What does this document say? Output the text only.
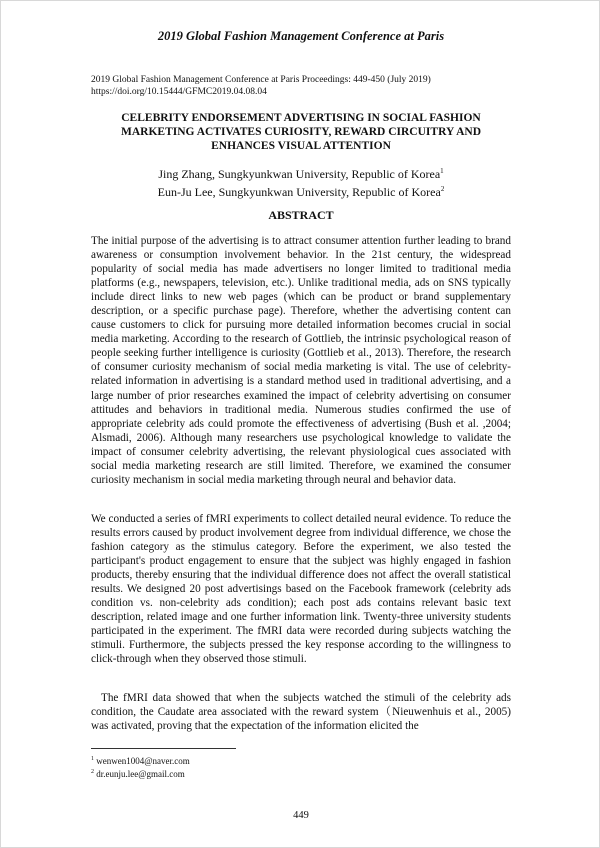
2019 Global Fashion Management Conference at Paris
2019 Global Fashion Management Conference at Paris Proceedings: 449-450 (July 2019)
https://doi.org/10.15444/GFMC2019.04.08.04
CELEBRITY ENDORSEMENT ADVERTISING IN SOCIAL FASHION MARKETING ACTIVATES CURIOSITY, REWARD CIRCUITRY AND ENHANCES VISUAL ATTENTION
Jing Zhang, Sungkyunkwan University, Republic of Korea$^1$
Eun-Ju Lee, Sungkyunkwan University, Republic of Korea$^2$
ABSTRACT

The initial purpose of the advertising is to attract consumer attention further leading to brand awareness or consumption involvement behavior. In the 21st century, the widespread popularity of social media has made advertisers no longer limited to traditional media platforms (e.g., newspapers, television, etc.). Unlike traditional media, ads on SNS typically include direct links to new web pages (which can be product or brand supplementary description, or a specific purchase page). Therefore, whether the advertising content can cause customers to click for pursuing more detailed information becomes crucial in social media marketing. According to the research of Gottlieb, the intrinsic psychological reason of people seeking further intelligence is curiosity (Gottlieb et al., 2013). Therefore, the research of consumer curiosity mechanism of social media marketing is vital. The use of celebrity-related information in advertising is a standard method used in traditional advertising, and a large number of prior researches examined the impact of celebrity advertising on consumer attitudes and behaviors in traditional media. Numerous studies confirmed the use of appropriate celebrity ads could promote the effectiveness of advertising (Bush et al. ,2004; Alsmadi, 2006). Although many researchers use psychological knowledge to validate the impact of consumer celebrity advertising, the relevant physiological cues associated with social media marketing research are still limited. Therefore, we examined the consumer curiosity mechanism in social media marketing through neural and behavior data.

We conducted a series of fMRI experiments to collect detailed neural evidence. To reduce the results errors caused by product involvement degree from individual difference, we chose the fashion category as the stimulus category. Before the experiment, we also tested the participant's product engagement to ensure that the subject was highly engaged in fashion products, thereby ensuring that the individual difference does not affect the overall statistical results. We designed 20 post advertisings based on the Facebook framework (celebrity ads condition vs. non-celebrity ads condition); each post ads contains relevant basic text description, related image and one further information link. Twenty-three university students participated in the experiment. The fMRI data were recorded during subjects watching the stimuli. Furthermore, the subjects pressed the key response according to the willingness to click-through when they observed those stimuli.

The fMRI data showed that when the subjects watched the stimuli of the celebrity ads condition, the Caudate area associated with the reward system（Nieuwenhuis et al., 2005) was activated, proving that the expectation of the information elicited the

$^1$ wenwen1004@naver.com
$^2$ dr.eunju.lee@gmail.com
449
